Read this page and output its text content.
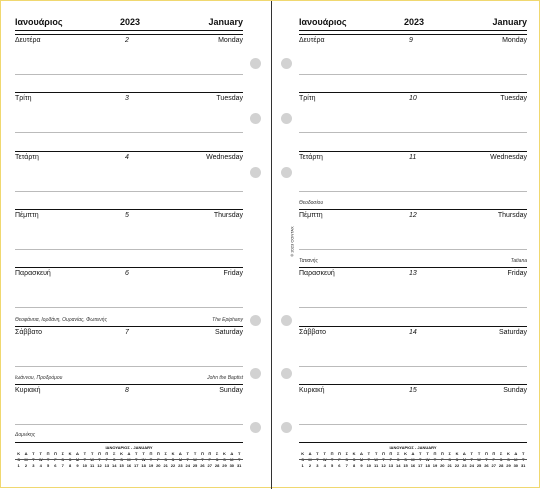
Ιανουάριος	2023	January
Δομνίκης
Δευτέρα	2	Monday
Τρίτη	3	Tuesday
Τετάρτη	4	Wednesday
Πέμπτη	5	Thursday
Παρασκευή	6	Friday
Θεοφάνεια, Ιορδάνη, Ουρανίας, Φωτεινής	The Epiphany
Σάββατο	7	Saturday
Ιωάννου, Προδρόμου	John the Baptist
Κυριακή	8	Sunday
ΙΑΝΟΥΑΡΙΟΣ - JANUARY
Κ	Δ	Τ	Τ	Π	Π	Σ	Κ	Δ	Τ	Τ	Π	Π	Σ	Κ	Δ	Τ	Τ	Π	Π	Σ	Κ	Δ	Τ	Τ	Π	Π	Σ	Κ	Δ	Τ
S	M	T	W	T	F	S	S	M	T	W	T	F	S	S	M	T	W	T	F	S	S	M	T	W	T	F	S	S	M	T
1	2	3	4	5	6	7	8	9	10 11 12 13 14 15 16 17 18 19 20 21 22 23 24 25 26 27 28 29 30 31
© 2023 CONTAX
Ιανουάριος	2023	January
Δευτέρα	9	Monday
Τρίτη	10	Tuesday
Τετάρτη	11	Wednesday
Θεοδοσίου
Πέμπτη	12	Thursday
Τατιανής	Tatiana
Παρασκευή	13	Friday
Σάββατο	14	Saturday
Κυριακή	15	Sunday
ΙΑΝΟΥΑΡΙΟΣ - JANUARY
Κ	Δ	Τ	Τ	Π	Π	Σ	Κ	Δ	Τ	Τ	Π	Π	Σ	Κ	Δ	Τ	Τ	Π	Π	Σ	Κ	Δ	Τ	Τ	Π	Π	Σ	Κ	Δ	Τ
S	M	T	W	T	F	S	S	M	T	W	T	F	S	S	M	T	W	T	F	S	S	M	T	W	T	F	S	S	M	T
1	2	3	4	5	6	7	8	9	10 11 12 13 14 15 16 17 18 19 20 21 22 23 24 25 26 27 28 29 30 31
